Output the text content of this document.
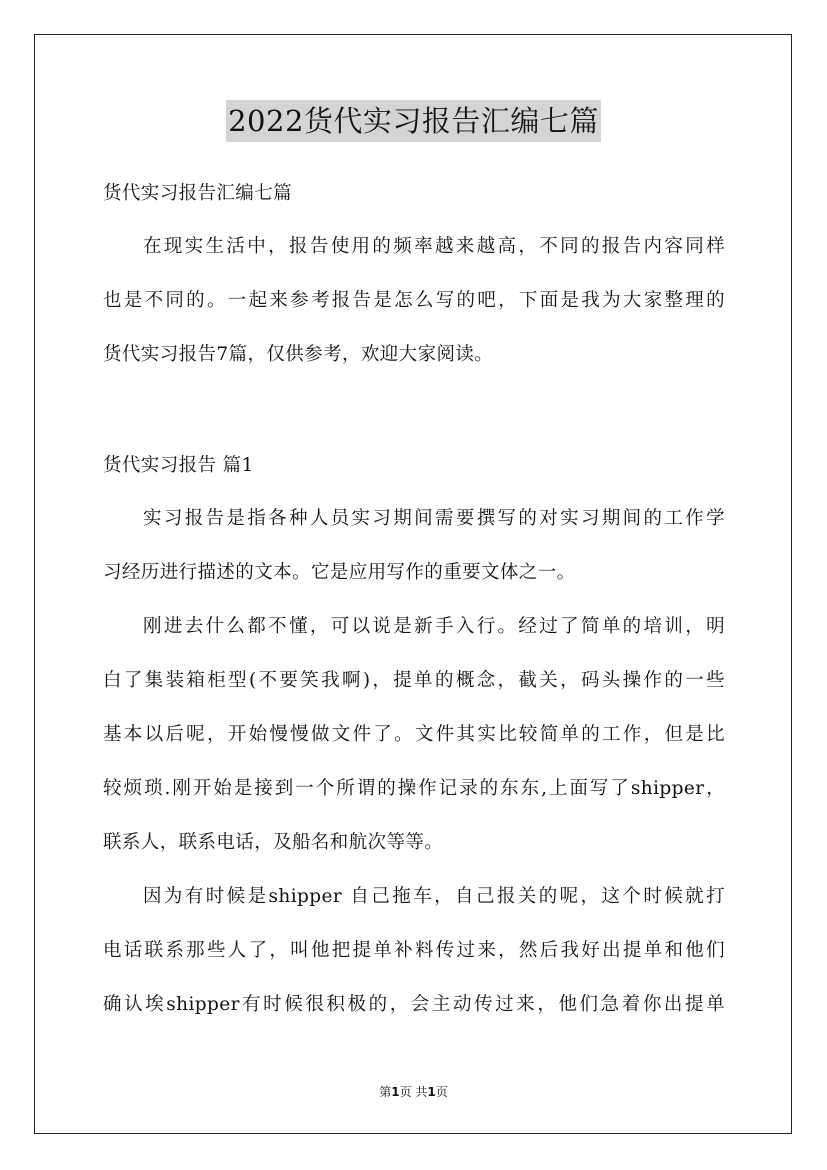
2022货代实习报告汇编七篇
货代实习报告汇编七篇
在现实生活中，报告使用的频率越来越高，不同的报告内容同样
也是不同的。一起来参考报告是怎么写的吧，下面是我为大家整理的
货代实习报告7篇，仅供参考，欢迎大家阅读。
货代实习报告 篇1
实习报告是指各种人员实习期间需要撰写的对实习期间的工作学
习经历进行描述的文本。它是应用写作的重要文体之一。
刚进去什么都不懂，可以说是新手入行。经过了简单的培训，明
白了集装箱柜型(不要笑我啊)，提单的概念，截关，码头操作的一些
基本以后呢，开始慢慢做文件了。文件其实比较简单的工作，但是比
较烦琐.刚开始是接到一个所谓的操作记录的东东,上面写了shipper，
联系人，联系电话，及船名和航次等等。
因为有时候是shipper 自己拖车，自己报关的呢，这个时候就打
电话联系那些人了，叫他把提单补料传过来，然后我好出提单和他们
确认埃shipper有时候很积极的，会主动传过来，他们急着你出提单
第1页 共1页
